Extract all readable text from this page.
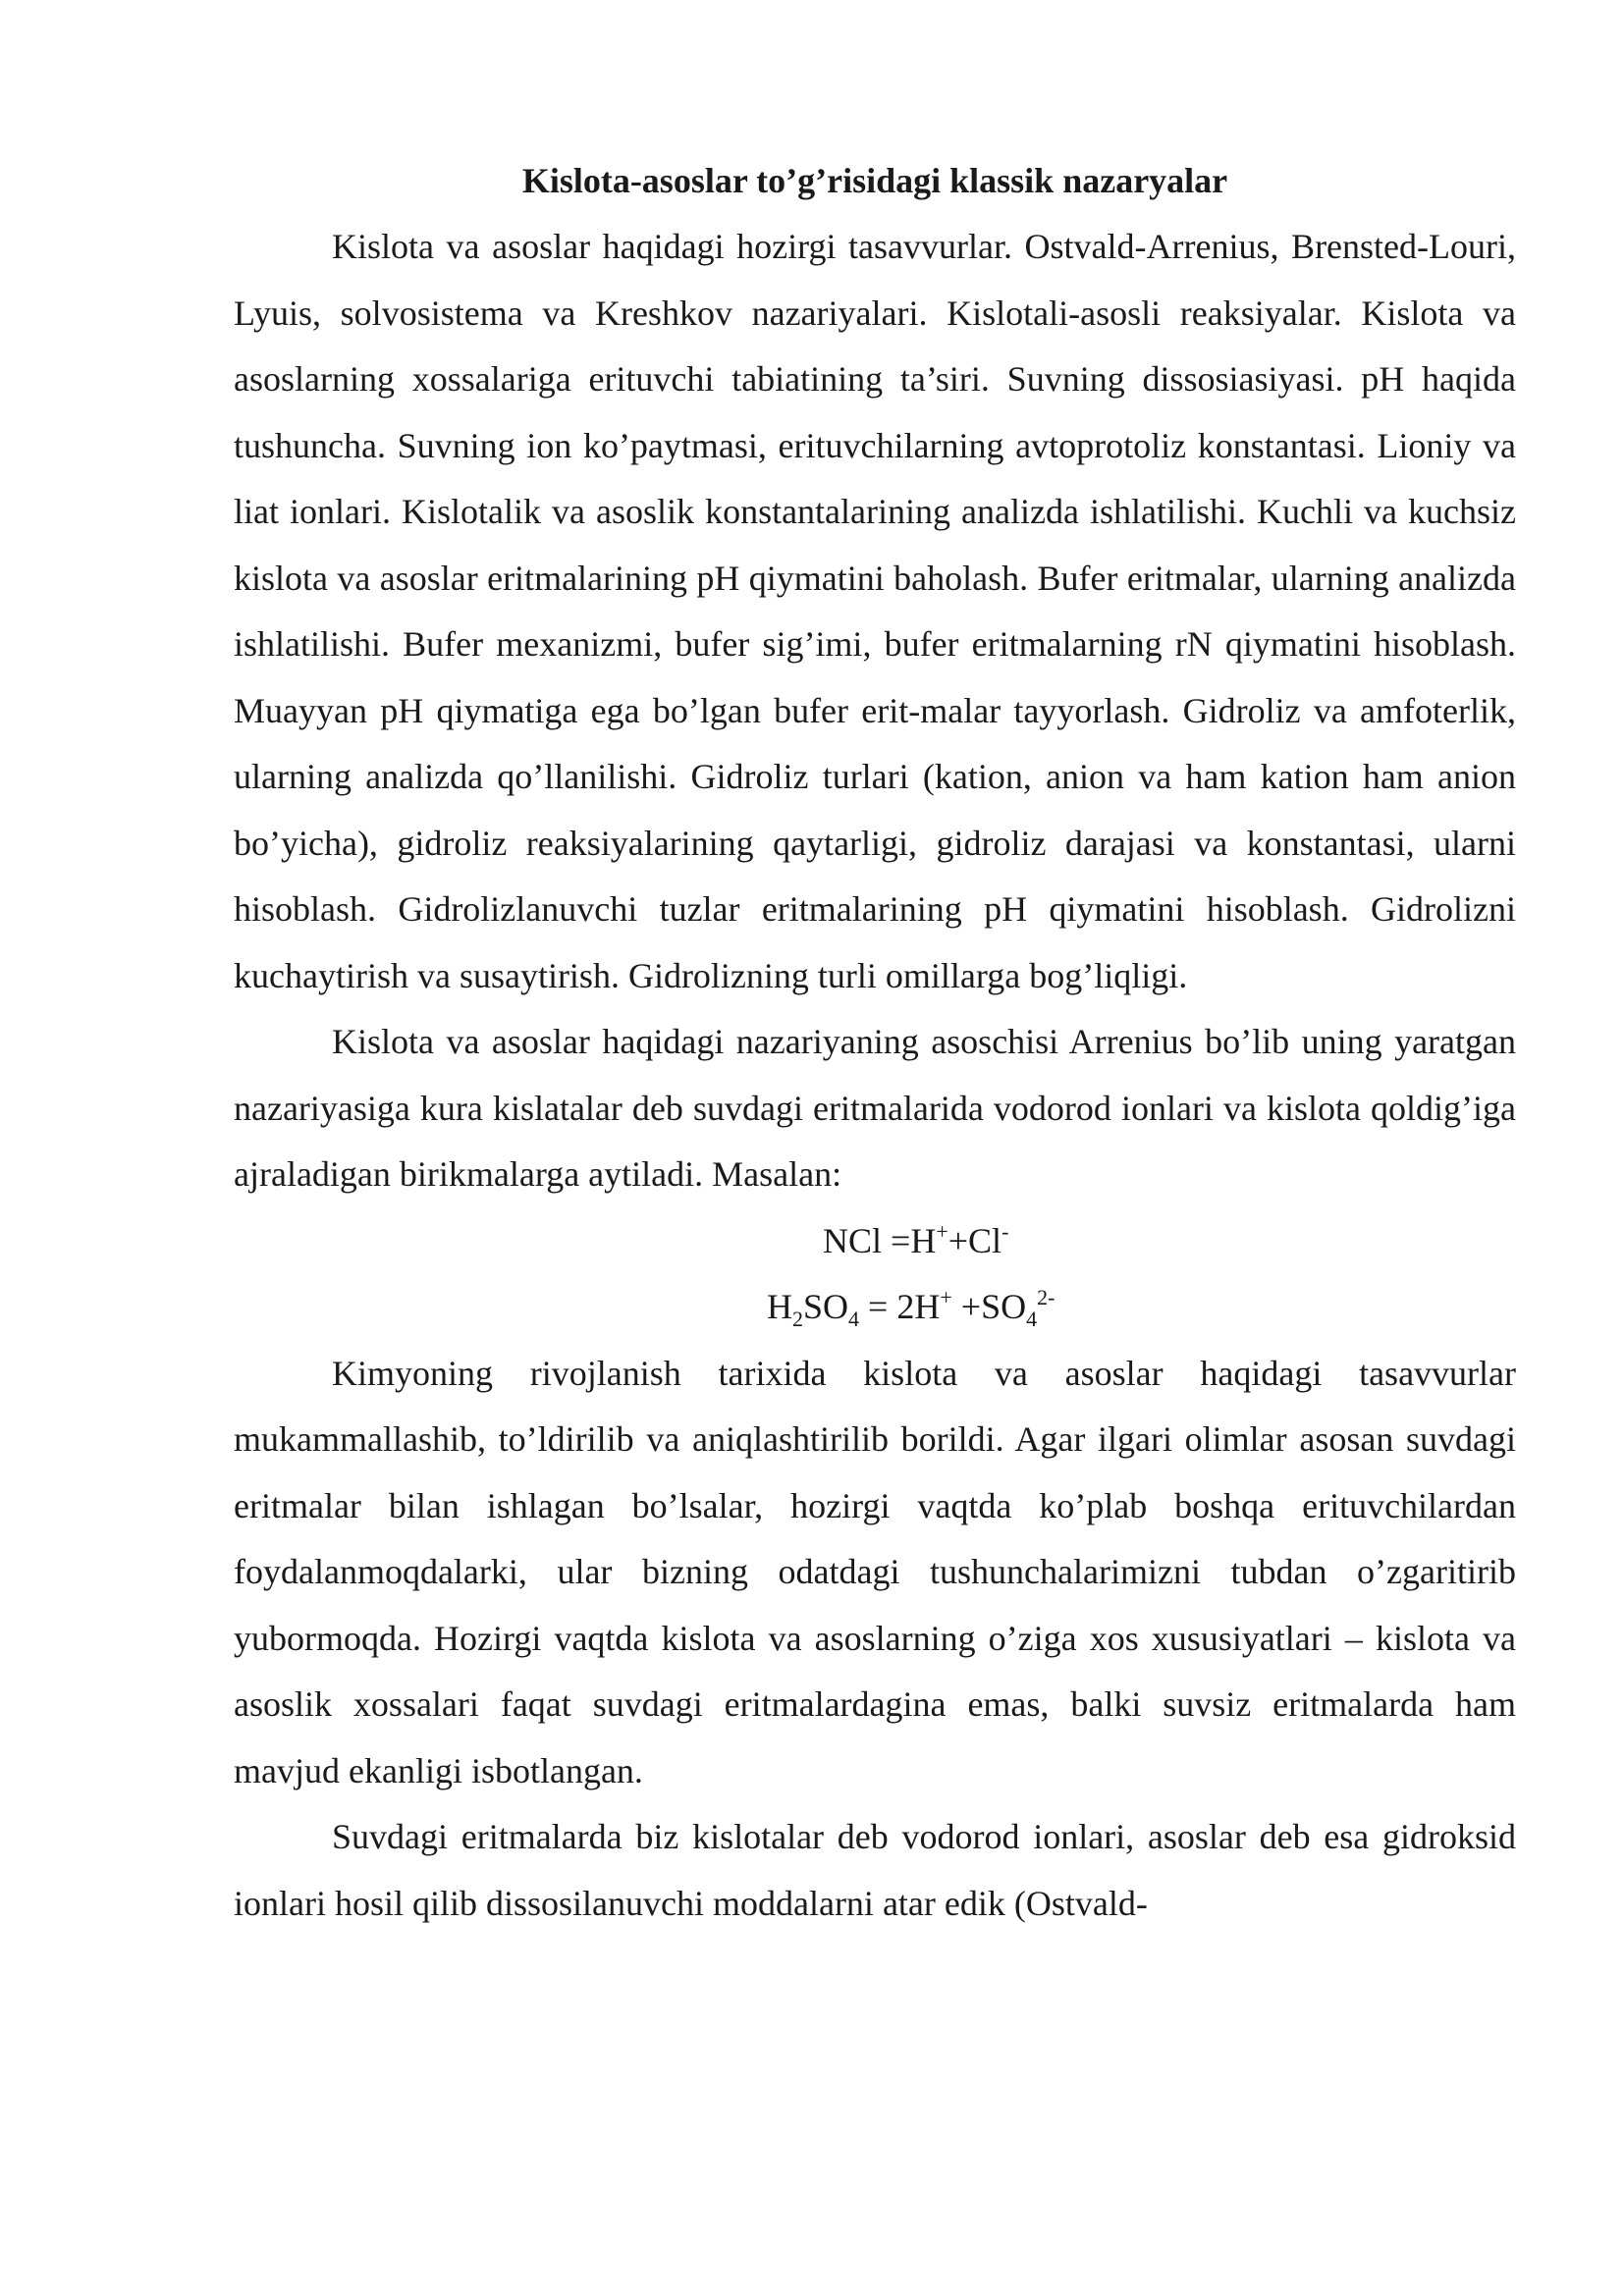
Kislota-asoslar to’g’risidagi klassik nazaryalar

Kislota va asoslar haqidagi hozirgi tasavvurlar. Ostvald-Arrenius, Brensted-Louri, Lyuis, solvosistema va Kreshkov nazariyalari. Kislotali-asosli reaksiyalar. Kislota va asoslarning xossalariga erituvchi tabiatining ta’siri. Suvning dissosiasiyasi. pH haqida tushuncha. Suvning ion ko’paytmasi, erituvchilarning avtoprotoliz konstantasi. Lioniy va liat ionlari. Kislotalik va asoslik konstantalarining analizda ishlatilishi. Kuchli va kuchsiz kislota va asoslar eritmalarining pH qiymatini baholash. Bufer eritmalar, ularning analizda ishlatilishi. Bufer mexanizmi, bufer sig’imi, bufer eritmalarning rN qiymatini hisoblash. Muayyan pH qiymatiga ega bo’lgan bufer erit-malar tayyorlash. Gidroliz va amfoterlik, ularning analizda qo’llanilishi. Gidroliz turlari (kation, anion va ham kation ham anion bo’yicha), gidroliz reaksiyalarining qaytarligi, gidroliz darajasi va konstantasi, ularni hisoblash. Gidrolizlanuvchi tuzlar eritmalarining pH qiymatini hisoblash. Gidrolizni kuchaytirish va susaytirish. Gidrolizning turli omillarga bog’liqligi.

Kislota va asoslar haqidagi nazariyaning asoschisi Arrenius bo’lib uning yaratgan nazariyasiga kura kislatalar deb suvdagi eritmalarida vodorod ionlari va kislota qoldig’iga ajraladigan birikmalarga aytiladi. Masalan:

NCl =H++Cl-
$H_2SO_4 = 2H^+ +SO_4^{2-}$

Kimyoning rivojlanish tarixida kislota va asoslar haqidagi tasavvurlar mukammallashib, to’ldirilib va aniqlashtirilib borildi. Agar ilgari olimlar asosan suvdagi eritmalar bilan ishlagan bo’lsalar, hozirgi vaqtda ko’plab boshqa erituvchilardan foydalanmoqdalarki, ular bizning odatdagi tushunchalarimizni tubdan o’zgaritirib yubormoqda. Hozirgi vaqtda kislota va asoslarning o’ziga xos xususiyatlari – kislota va asoslik xossalari faqat suvdagi eritmalardagina emas, balki suvsiz eritmalarda ham mavjud ekanligi isbotlangan.

Suvdagi eritmalarda biz kislotalar deb vodorod ionlari, asoslar deb esa gidroksid ionlari hosil qilib dissosilanuvchi moddalarni atar edik (Ostvald-
